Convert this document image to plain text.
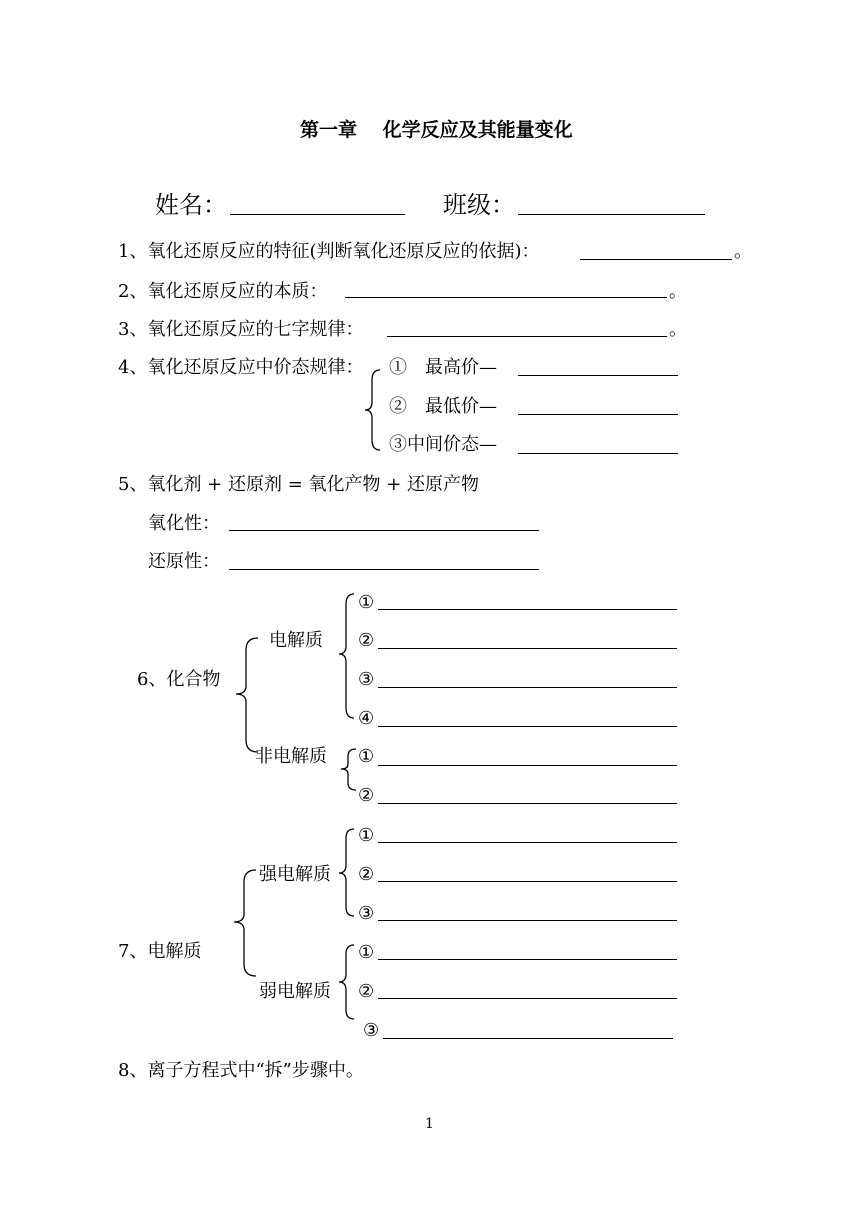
第一章　 化学反应及其能量变化
姓名：	班级：
1、氧化还原反应的特征(判断氧化还原反应的依据)：	。
2、氧化还原反应的本质：	。
3、氧化还原反应的七字规律：	。
4、氧化还原反应中价态规律： ①　最高价—
②　最低价—
③中间价态—
5、氧化剂 + 还原剂 = 氧化产物 + 还原产物
氧化性：
还原性：
6、化合物
电解质
非电解质
①
②
③
④
①
②
7、电解质
强电解质
弱电解质
①
②
③
①
②
③
8、离子方程式中“拆”步骤中。
1
